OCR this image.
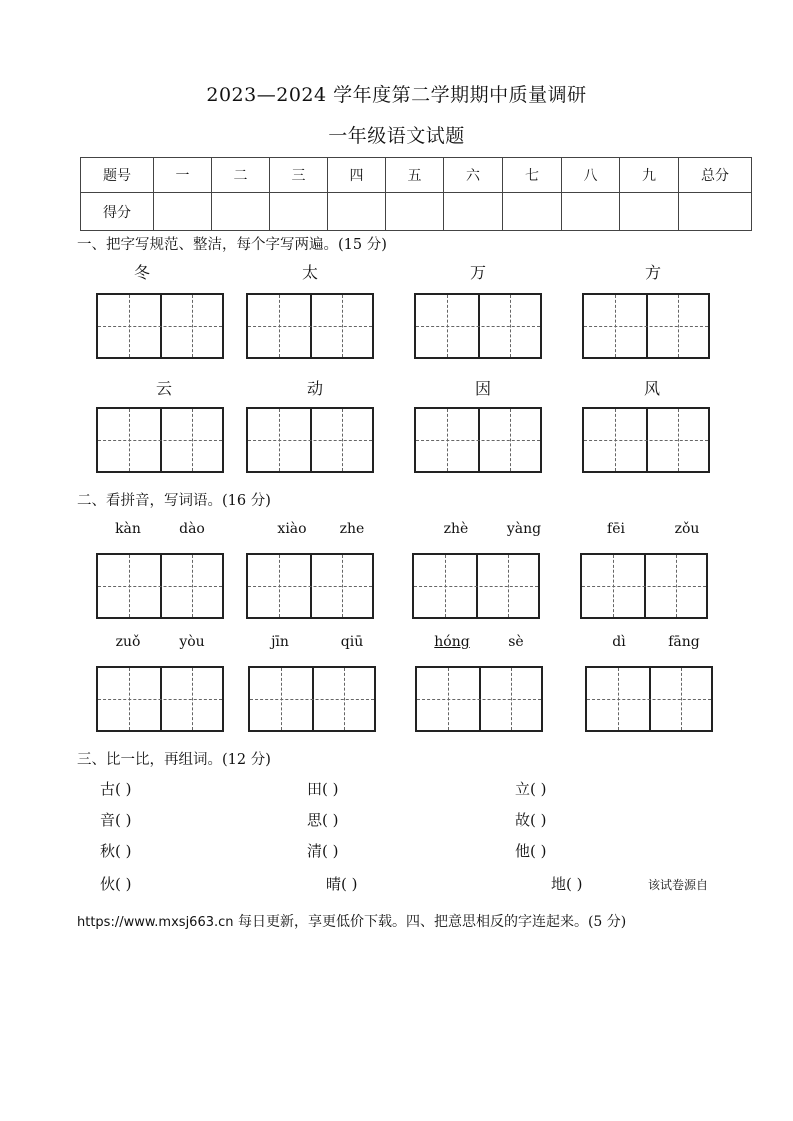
2023—2024 学年度第二学期期中质量调研
一年级语文试题
题号	一	二	三	四	五	六	七	八	九	总分
得分										
一、把字写规范、整洁，每个字写两遍。(15 分)
冬	太	万	方
云	动	因	风
二、看拼音，写词语。(16 分)
kàn	dào	xiào	zhe	zhè	yàng	fēi	zǒu
zuǒ	yòu	jīn	qiū	hóng	sè	dì	fāng
三、比一比，再组词。(12 分)
古( )	田( )	立( )
音( )	思( )	故( )
秋( )	清( )	他( )
伙( )	晴( )	地( )	该试卷源自
https://www.mxsj663.cn 每日更新，享更低价下载。四、把意思相反的字连起来。(5 分)
